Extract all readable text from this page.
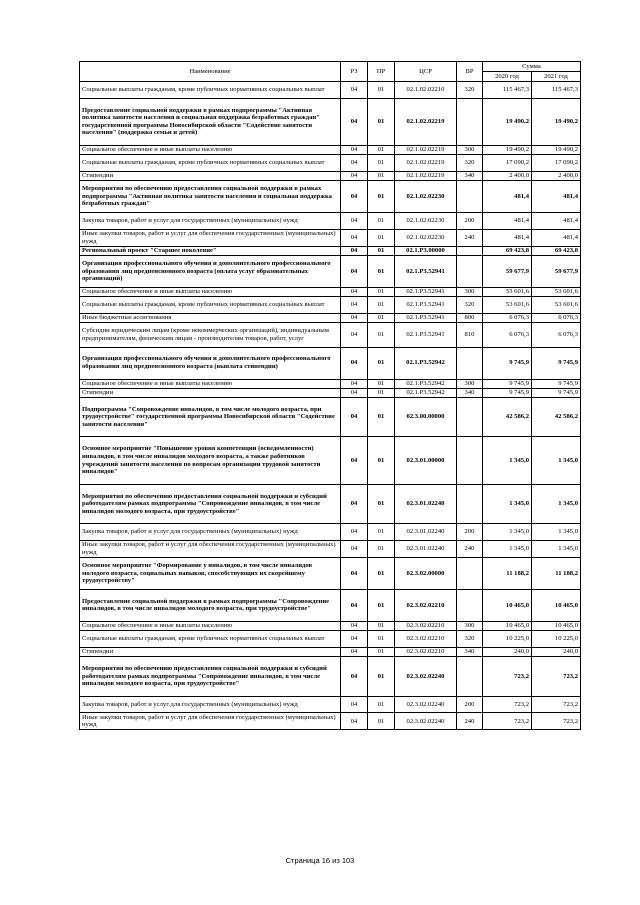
Наименование	РЗ	ПР	ЦСР	ВР	Сумма	
					2020 год	2021 год
Социальные выплаты гражданам, кроме публичных нормативных социальных выплат	04	01	02.1.02.02210	320	115 467,3	115 467,3
Предоставление социальной поддержки в рамках подпрограммы "Активная политика занятости населения и социальная поддержка безработных граждан" государственной программы Новосибирской области "Содействие занятости населения" (поддержка семьи и детей)	04	01	02.1.02.02219		19 490,2	19 490,2
Социальное обеспечение и иные выплаты населению	04	01	02.1.02.02219	300	19 490,2	19 490,2
Социальные выплаты гражданам, кроме публичных нормативных социальных выплат	04	01	02.1.02.02219	320	17 090,2	17 090,2
Стипендии	04	01	02.1.02.02219	340	2 400,0	2 400,0
Мероприятия по обеспечению предоставления социальной поддержки в рамках подпрограммы "Активная политика занятости населения и социальная поддержка безработных граждан"	04	01	02.1.02.02230		481,4	481,4
Закупка товаров, работ и услуг для государственных (муниципальных) нужд	04	01	02.1.02.02230	200	481,4	481,4
Иные закупки товаров, работ и услуг для обеспечения государственных (муниципальных) нужд	04	01	02.1.02.02230	240	481,4	481,4
Региональный проект "Старшее поколение"	04	01	02.1.P3.00000		69 423,8	69 423,8
Организация профессионального обучения и дополнительного профессионального образования лиц предпенсионного возраста (оплата услуг образовательных организаций)	04	01	02.1.P3.52941		59 677,9	59 677,9
Социальное обеспечение и иные выплаты населению	04	01	02.1.P3.52941	300	53 601,6	53 601,6
Социальные выплаты гражданам, кроме публичных нормативных социальных выплат	04	01	02.1.P3.52941	320	53 601,6	53 601,6
Иные бюджетные ассигнования	04	01	02.1.P3.52941	800	6 076,3	6 076,3
Субсидии юридическим лицам (кроме некоммерческих организаций), индивидуальным предпринимателям, физическим лицам - производителям товаров, работ, услуг	04	01	02.1.P3.52941	810	6 076,3	6 076,3
Организация профессионального обучения и дополнительного профессионального образования лиц предпенсионного возраста (выплата стипендии)	04	01	02.1.P3.52942		9 745,9	9 745,9
Социальное обеспечение и иные выплаты населению	04	01	02.1.P3.52942	300	9 745,9	9 745,9
Стипендии	04	01	02.1.P3.52942	340	9 745,9	9 745,9
Подпрограмма "Сопровождение инвалидов, в том числе молодого возраста, при трудоустройстве" государственной программы Новосибирской области "Содействие занятости населения"	04	01	02.3.00.00000		42 586,2	42 586,2
Основное мероприятие "Повышение уровня компетенции (осведомленности) инвалидов, в том числе инвалидов молодого возраста, а также работников учреждений занятости населения по вопросам организации трудовой занятости инвалидов"	04	01	02.3.01.00000		1 345,0	1 345,0
Мероприятия по обеспечению предоставления социальной поддержки и субсидий работодателям рамках подпрограммы "Сопровождение инвалидов, в том числе инвалидов молодого возраста, при трудоустройстве"	04	01	02.3.01.02240		1 345,0	1 345,0
Закупка товаров, работ и услуг для государственных (муниципальных) нужд	04	01	02.3.01.02240	200	1 345,0	1 345,0
Иные закупки товаров, работ и услуг для обеспечения государственных (муниципальных) нужд	04	01	02.3.01.02240	240	1 345,0	1 345,0
Основное мероприятие "Формирование у инвалидов, в том числе инвалидов молодого возраста, социальных навыков, способствующих их скорейшему трудоустройству"	04	01	02.3.02.00000		11 188,2	11 188,2
Предоставление социальной поддержки в рамках подпрограммы "Сопровождение инвалидов, в том числе инвалидов молодого возраста, при трудоустройстве"	04	01	02.3.02.02210		10 465,0	10 465,0
Социальное обеспечение и иные выплаты населению	04	01	02.3.02.02210	300	10 465,0	10 465,0
Социальные выплаты гражданам, кроме публичных нормативных социальных выплат	04	01	02.3.02.02210	320	10 225,0	10 225,0
Стипендии	04	01	02.3.02.02210	340	240,0	240,0
Мероприятия по обеспечению предоставления социальной поддержки и субсидий работодателям рамках подпрограммы "Сопровождение инвалидов, в том числе инвалидов молодого возраста, при трудоустройстве"	04	01	02.3.02.02240		723,2	723,2
Закупка товаров, работ и услуг для государственных (муниципальных) нужд	04	01	02.3.02.02240	200	723,2	723,2
Иные закупки товаров, работ и услуг для обеспечения государственных (муниципальных) нужд	04	01	02.3.02.02240	240	723,2	723,2
Страница 16 из 103
